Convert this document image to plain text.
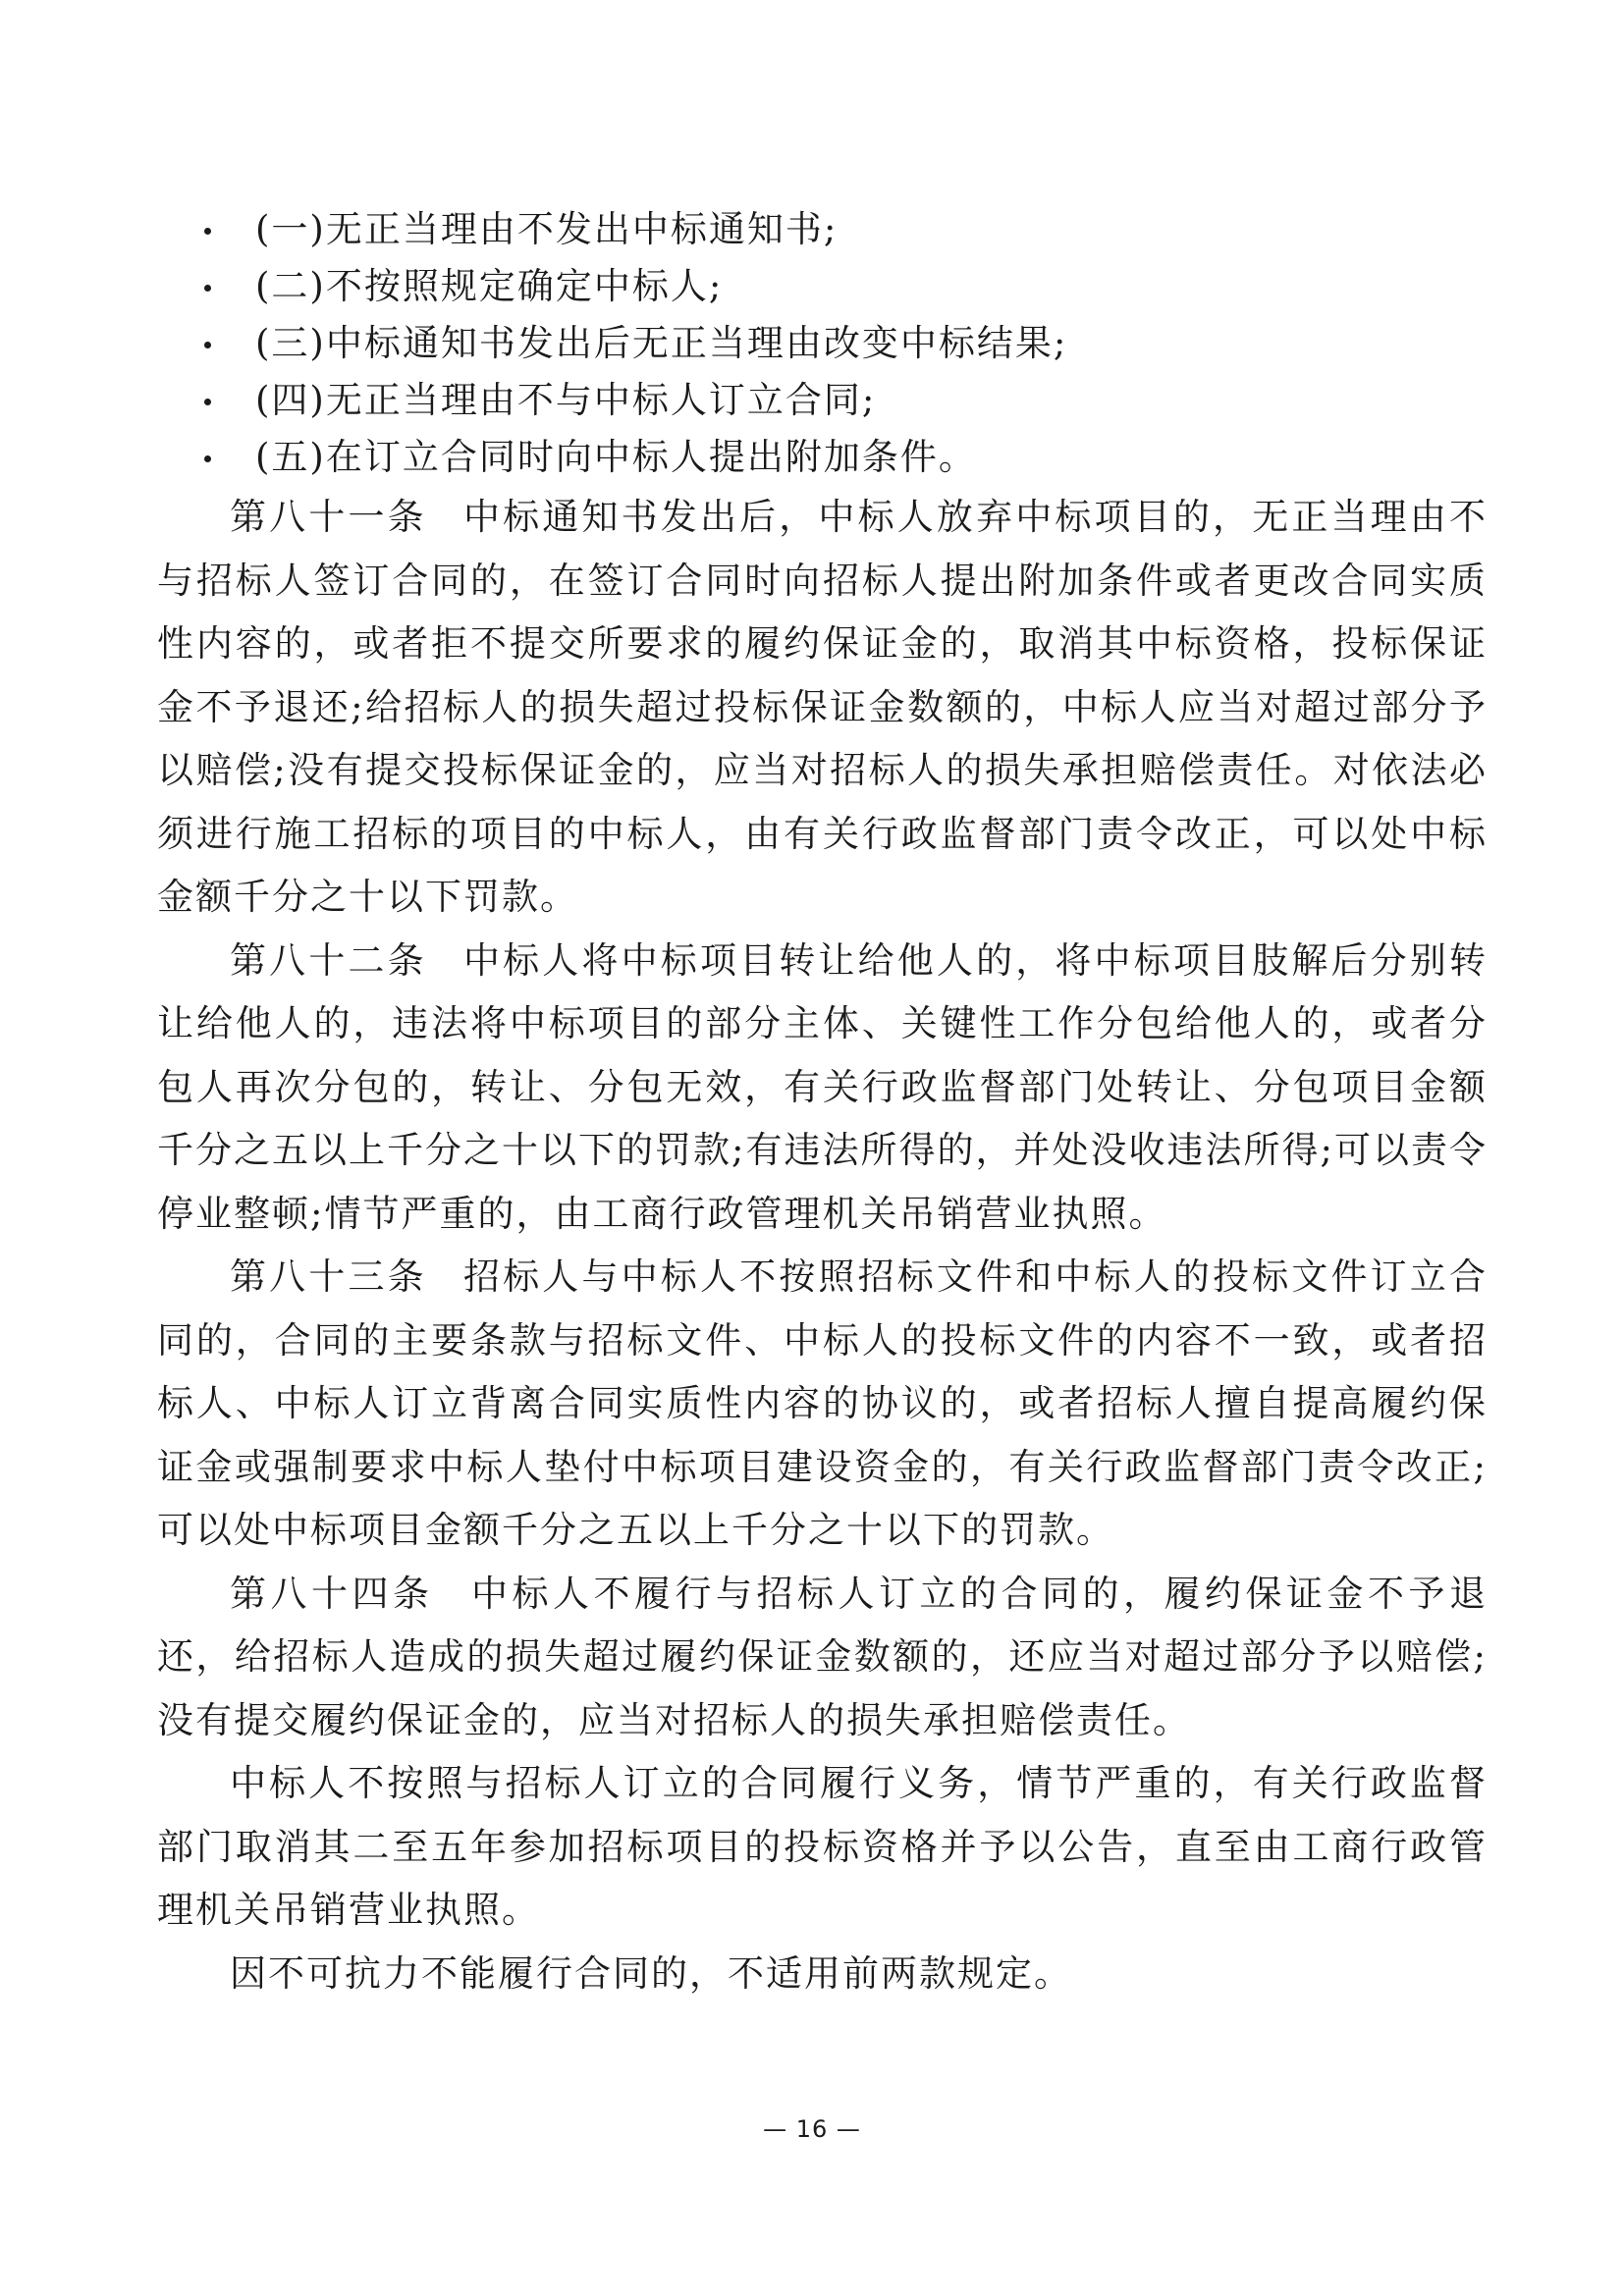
(一)无正当理由不发出中标通知书;
(二)不按照规定确定中标人;
(三)中标通知书发出后无正当理由改变中标结果;
(四)无正当理由不与中标人订立合同;
(五)在订立合同时向中标人提出附加条件。

第八十一条 中标通知书发出后，中标人放弃中标项目的，无正当理由不与招标人签订合同的，在签订合同时向招标人提出附加条件或者更改合同实质性内容的，或者拒不提交所要求的履约保证金的，取消其中标资格，投标保证金不予退还;给招标人的损失超过投标保证金数额的，中标人应当对超过部分予以赔偿;没有提交投标保证金的，应当对招标人的损失承担赔偿责任。对依法必须进行施工招标的项目的中标人，由有关行政监督部门责令改正，可以处中标金额千分之十以下罚款。

第八十二条 中标人将中标项目转让给他人的，将中标项目肢解后分别转让给他人的，违法将中标项目的部分主体、关键性工作分包给他人的，或者分包人再次分包的，转让、分包无效，有关行政监督部门处转让、分包项目金额千分之五以上千分之十以下的罚款;有违法所得的，并处没收违法所得;可以责令停业整顿;情节严重的，由工商行政管理机关吊销营业执照。

第八十三条 招标人与中标人不按照招标文件和中标人的投标文件订立合同的，合同的主要条款与招标文件、中标人的投标文件的内容不一致，或者招标人、中标人订立背离合同实质性内容的协议的，或者招标人擅自提高履约保证金或强制要求中标人垫付中标项目建设资金的，有关行政监督部门责令改正;可以处中标项目金额千分之五以上千分之十以下的罚款。

第八十四条 中标人不履行与招标人订立的合同的，履约保证金不予退还，给招标人造成的损失超过履约保证金数额的，还应当对超过部分予以赔偿;没有提交履约保证金的，应当对招标人的损失承担赔偿责任。

中标人不按照与招标人订立的合同履行义务，情节严重的，有关行政监督部门取消其二至五年参加招标项目的投标资格并予以公告，直至由工商行政管理机关吊销营业执照。

因不可抗力不能履行合同的，不适用前两款规定。

— 16 —
